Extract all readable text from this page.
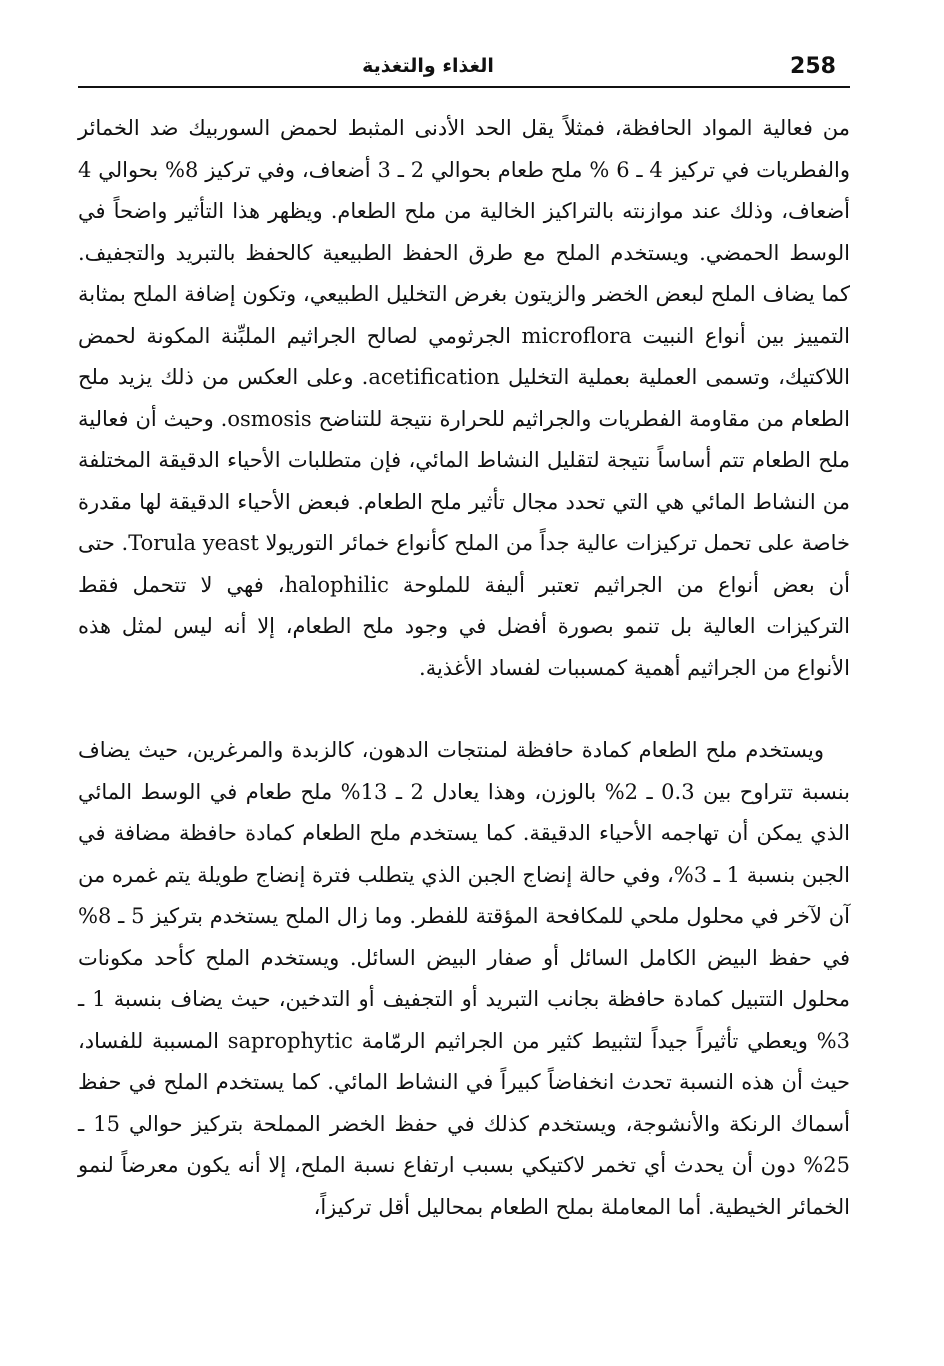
الغذاء والتغذية	258

من فعالية المواد الحافظة، فمثلاً يقل الحد الأدنى المثبط لحمض السوربيك ضد الخمائر والفطريات في تركيز 4 ـ 6 % ملح طعام بحوالي 2 ـ 3 أضعاف، وفي تركيز 8% بحوالي 4 أضعاف، وذلك عند موازنته بالتراكيز الخالية من ملح الطعام. ويظهر هذا التأثير واضحاً في الوسط الحمضي. ويستخدم الملح مع طرق الحفظ الطبيعية كالحفظ بالتبريد والتجفيف. كما يضاف الملح لبعض الخضر والزيتون بغرض التخليل الطبيعي، وتكون إضافة الملح بمثابة التمييز بين أنواع النبيت microflora الجرثومي لصالح الجراثيم الملبِّنة المكونة لحمض اللاكتيك، وتسمى العملية بعملية التخليل acetification. وعلى العكس من ذلك يزيد ملح الطعام من مقاومة الفطريات والجراثيم للحرارة نتيجة للتناضح osmosis. وحيث أن فعالية ملح الطعام تتم أساساً نتيجة لتقليل النشاط المائي، فإن متطلبات الأحياء الدقيقة المختلفة من النشاط المائي هي التي تحدد مجال تأثير ملح الطعام. فبعض الأحياء الدقيقة لها مقدرة خاصة على تحمل تركيزات عالية جداً من الملح كأنواع خمائر التوريولا Torula yeast. حتى أن بعض أنواع من الجراثيم تعتبر أليفة للملوحة halophilic، فهي لا تتحمل فقط التركيزات العالية بل تنمو بصورة أفضل في وجود ملح الطعام، إلا أنه ليس لمثل هذه الأنواع من الجراثيم أهمية كمسببات لفساد الأغذية.

ويستخدم ملح الطعام كمادة حافظة لمنتجات الدهون، كالزبدة والمرغرين، حيث يضاف بنسبة تتراوح بين 0.3 ـ 2% بالوزن، وهذا يعادل 2 ـ 13% ملح طعام في الوسط المائي الذي يمكن أن تهاجمه الأحياء الدقيقة. كما يستخدم ملح الطعام كمادة حافظة مضافة في الجبن بنسبة 1 ـ 3%، وفي حالة إنضاج الجبن الذي يتطلب فترة إنضاج طويلة يتم غمره من آن لآخر في محلول ملحي للمكافحة المؤقتة للفطر. وما زال الملح يستخدم بتركيز 5 ـ 8% في حفظ البيض الكامل السائل أو صفار البيض السائل. ويستخدم الملح كأحد مكونات محلول التتبيل كمادة حافظة بجانب التبريد أو التجفيف أو التدخين، حيث يضاف بنسبة 1 ـ 3% ويعطي تأثيراً جيداً لتثبيط كثير من الجراثيم الرمّامة saprophytic المسببة للفساد، حيث أن هذه النسبة تحدث انخفاضاً كبيراً في النشاط المائي. كما يستخدم الملح في حفظ أسماك الرنكة والأنشوجة، ويستخدم كذلك في حفظ الخضر المملحة بتركيز حوالي 15 ـ 25% دون أن يحدث أي تخمر لاكتيكي بسبب ارتفاع نسبة الملح، إلا أنه يكون معرضاً لنمو الخمائر الخيطية. أما المعاملة بملح الطعام بمحاليل أقل تركيزاً،
